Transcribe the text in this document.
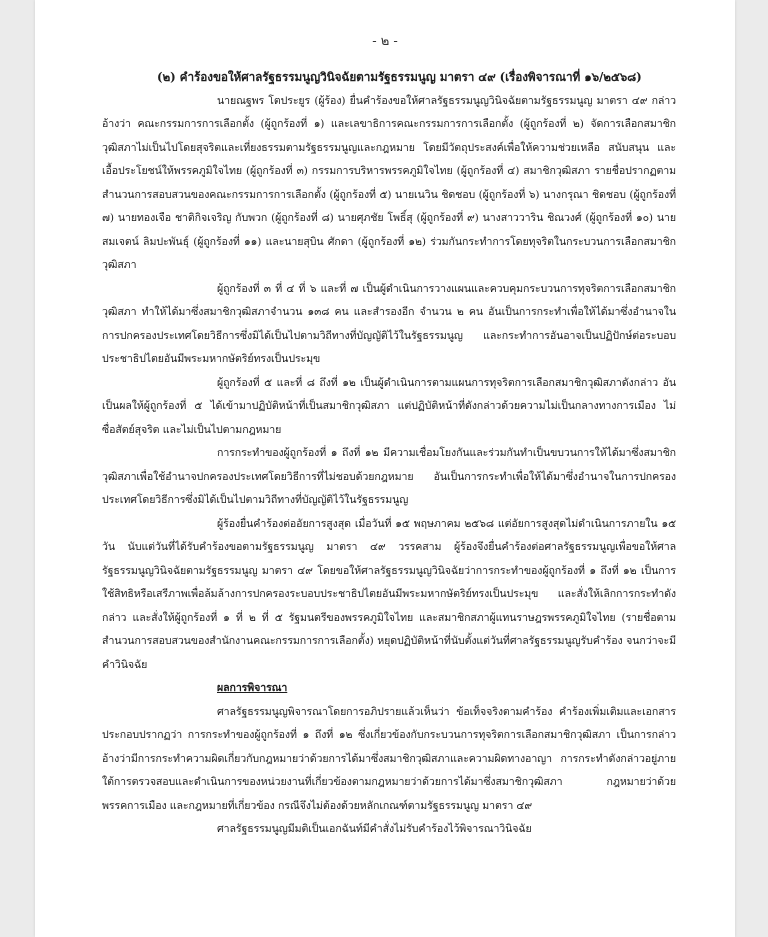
- ๒ -

(๒) คำร้องขอให้ศาลรัฐธรรมนูญวินิจฉัยตามรัฐธรรมนูญ มาตรา ๔๙ (เรื่องพิจารณาที่ ๑๖/๒๕๖๘)

นายณฐพร โตประยูร (ผู้ร้อง) ยื่นคำร้องขอให้ศาลรัฐธรรมนูญวินิจฉัยตามรัฐธรรมนูญ มาตรา ๔๙ กล่าวอ้างว่า คณะกรรมการการเลือกตั้ง (ผู้ถูกร้องที่ ๑) และเลขาธิการคณะกรรมการการเลือกตั้ง (ผู้ถูกร้องที่ ๒) จัดการเลือกสมาชิกวุฒิสภาไม่เป็นไปโดยสุจริตและเที่ยงธรรมตามรัฐธรรมนูญและกฎหมาย โดยมีวัตถุประสงค์เพื่อให้ความช่วยเหลือ สนับสนุน และเอื้อประโยชน์ให้พรรคภูมิใจไทย (ผู้ถูกร้องที่ ๓) กรรมการบริหารพรรคภูมิใจไทย (ผู้ถูกร้องที่ ๔) สมาชิกวุฒิสภา รายชื่อปรากฏตามสำนวนการสอบสวนของคณะกรรมการการเลือกตั้ง (ผู้ถูกร้องที่ ๕) นายเนวิน ชิดชอบ (ผู้ถูกร้องที่ ๖) นางกรุณา ชิดชอบ (ผู้ถูกร้องที่ ๗) นายทองเจือ ชาติกิจเจริญ กับพวก (ผู้ถูกร้องที่ ๘) นายศุภชัย โพธิ์สุ (ผู้ถูกร้องที่ ๙) นางสาววาริน ชิณวงศ์ (ผู้ถูกร้องที่ ๑๐) นายสมเจตน์ ลิมปะพันธุ์ (ผู้ถูกร้องที่ ๑๑) และนายสุบิน ศักดา (ผู้ถูกร้องที่ ๑๒) ร่วมกันกระทำการโดยทุจริตในกระบวนการเลือกสมาชิกวุฒิสภา

ผู้ถูกร้องที่ ๓ ที่ ๔ ที่ ๖ และที่ ๗ เป็นผู้ดำเนินการวางแผนและควบคุมกระบวนการทุจริตการเลือกสมาชิกวุฒิสภา ทำให้ได้มาซึ่งสมาชิกวุฒิสภาจำนวน ๑๓๘ คน และสำรองอีก จำนวน ๒ คน อันเป็นการกระทำเพื่อให้ได้มาซึ่งอำนาจในการปกครองประเทศโดยวิธีการซึ่งมิได้เป็นไปตามวิถีทางที่บัญญัติไว้ในรัฐธรรมนูญ และกระทำการอันอาจเป็นปฏิปักษ์ต่อระบอบประชาธิปไตยอันมีพระมหากษัตริย์ทรงเป็นประมุข

ผู้ถูกร้องที่ ๕ และที่ ๘ ถึงที่ ๑๒ เป็นผู้ดำเนินการตามแผนการทุจริตการเลือกสมาชิกวุฒิสภาดังกล่าว อันเป็นผลให้ผู้ถูกร้องที่ ๕ ได้เข้ามาปฏิบัติหน้าที่เป็นสมาชิกวุฒิสภา แต่ปฏิบัติหน้าที่ดังกล่าวด้วยความไม่เป็นกลางทางการเมือง ไม่ซื่อสัตย์สุจริต และไม่เป็นไปตามกฎหมาย

การกระทำของผู้ถูกร้องที่ ๑ ถึงที่ ๑๒ มีความเชื่อมโยงกันและร่วมกันทำเป็นขบวนการให้ได้มาซึ่งสมาชิกวุฒิสภาเพื่อใช้อำนาจปกครองประเทศโดยวิธีการที่ไม่ชอบด้วยกฎหมาย อันเป็นการกระทำเพื่อให้ได้มาซึ่งอำนาจในการปกครองประเทศโดยวิธีการซึ่งมิได้เป็นไปตามวิถีทางที่บัญญัติไว้ในรัฐธรรมนูญ

ผู้ร้องยื่นคำร้องต่ออัยการสูงสุด เมื่อวันที่ ๑๕ พฤษภาคม ๒๕๖๘ แต่อัยการสูงสุดไม่ดำเนินการภายใน ๑๕ วัน นับแต่วันที่ได้รับคำร้องขอตามรัฐธรรมนูญ มาตรา ๔๙ วรรคสาม ผู้ร้องจึงยื่นคำร้องต่อศาลรัฐธรรมนูญเพื่อขอให้ศาลรัฐธรรมนูญวินิจฉัยตามรัฐธรรมนูญ มาตรา ๔๙ โดยขอให้ศาลรัฐธรรมนูญวินิจฉัยว่าการกระทำของผู้ถูกร้องที่ ๑ ถึงที่ ๑๒ เป็นการใช้สิทธิหรือเสรีภาพเพื่อล้มล้างการปกครองระบอบประชาธิปไตยอันมีพระมหากษัตริย์ทรงเป็นประมุข และสั่งให้เลิกการกระทำดังกล่าว และสั่งให้ผู้ถูกร้องที่ ๑ ที่ ๒ ที่ ๕ รัฐมนตรีของพรรคภูมิใจไทย และสมาชิกสภาผู้แทนราษฎรพรรคภูมิใจไทย (รายชื่อตามสำนวนการสอบสวนของสำนักงานคณะกรรมการการเลือกตั้ง) หยุดปฏิบัติหน้าที่นับตั้งแต่วันที่ศาลรัฐธรรมนูญรับคำร้อง จนกว่าจะมีคำวินิจฉัย

ผลการพิจารณา

ศาลรัฐธรรมนูญพิจารณาโดยการอภิปรายแล้วเห็นว่า ข้อเท็จจริงตามคำร้อง คำร้องเพิ่มเติมและเอกสารประกอบปรากฏว่า การกระทำของผู้ถูกร้องที่ ๑ ถึงที่ ๑๒ ซึ่งเกี่ยวข้องกับกระบวนการทุจริตการเลือกสมาชิกวุฒิสภา เป็นการกล่าวอ้างว่ามีการกระทำความผิดเกี่ยวกับกฎหมายว่าด้วยการได้มาซึ่งสมาชิกวุฒิสภาและความผิดทางอาญา การกระทำดังกล่าวอยู่ภายใต้การตรวจสอบและดำเนินการของหน่วยงานที่เกี่ยวข้องตามกฎหมายว่าด้วยการได้มาซึ่งสมาชิกวุฒิสภา กฎหมายว่าด้วยพรรคการเมือง และกฎหมายที่เกี่ยวข้อง กรณีจึงไม่ต้องด้วยหลักเกณฑ์ตามรัฐธรรมนูญ มาตรา ๔๙

ศาลรัฐธรรมนูญมีมติเป็นเอกฉันท์มีคำสั่งไม่รับคำร้องไว้พิจารณาวินิจฉัย
